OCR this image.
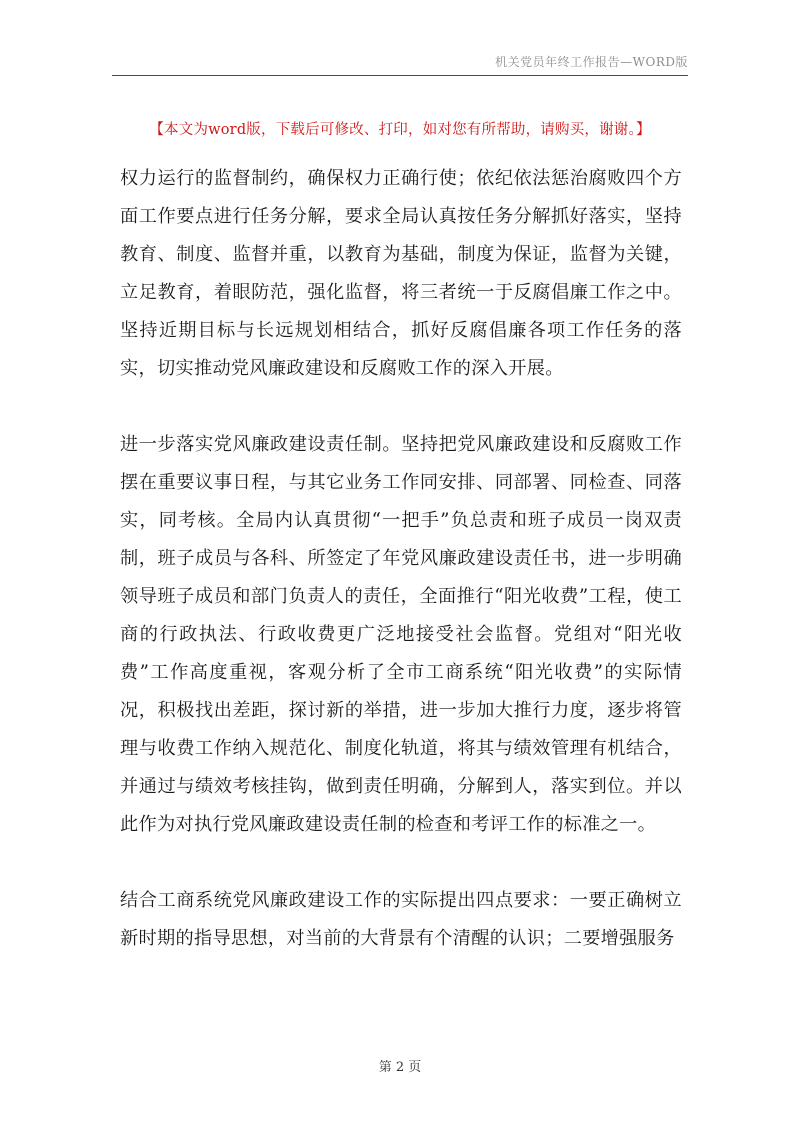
机关党员年终工作报告—WORD版
【本文为word版，下载后可修改、打印，如对您有所帮助，请购买，谢谢。】

权力运行的监督制约，确保权力正确行使；依纪依法惩治腐败四个方面工作要点进行任务分解，要求全局认真按任务分解抓好落实，坚持教育、制度、监督并重，以教育为基础，制度为保证，监督为关键，立足教育，着眼防范，强化监督，将三者统一于反腐倡廉工作之中。坚持近期目标与长远规划相结合，抓好反腐倡廉各项工作任务的落实，切实推动党风廉政建设和反腐败工作的深入开展。

进一步落实党风廉政建设责任制。坚持把党风廉政建设和反腐败工作摆在重要议事日程，与其它业务工作同安排、同部署、同检查、同落实，同考核。全局内认真贯彻“一把手”负总责和班子成员一岗双责制，班子成员与各科、所签定了年党风廉政建设责任书，进一步明确领导班子成员和部门负责人的责任，全面推行“阳光收费”工程，使工商的行政执法、行政收费更广泛地接受社会监督。党组对“阳光收费”工作高度重视，客观分析了全市工商系统“阳光收费”的实际情况，积极找出差距，探讨新的举措，进一步加大推行力度，逐步将管理与收费工作纳入规范化、制度化轨道，将其与绩效管理有机结合，并通过与绩效考核挂钩，做到责任明确，分解到人，落实到位。并以此作为对执行党风廉政建设责任制的检查和考评工作的标准之一。

结合工商系统党风廉政建设工作的实际提出四点要求：一要正确树立新时期的指导思想，对当前的大背景有个清醒的认识；二要增强服务

第 2 页
